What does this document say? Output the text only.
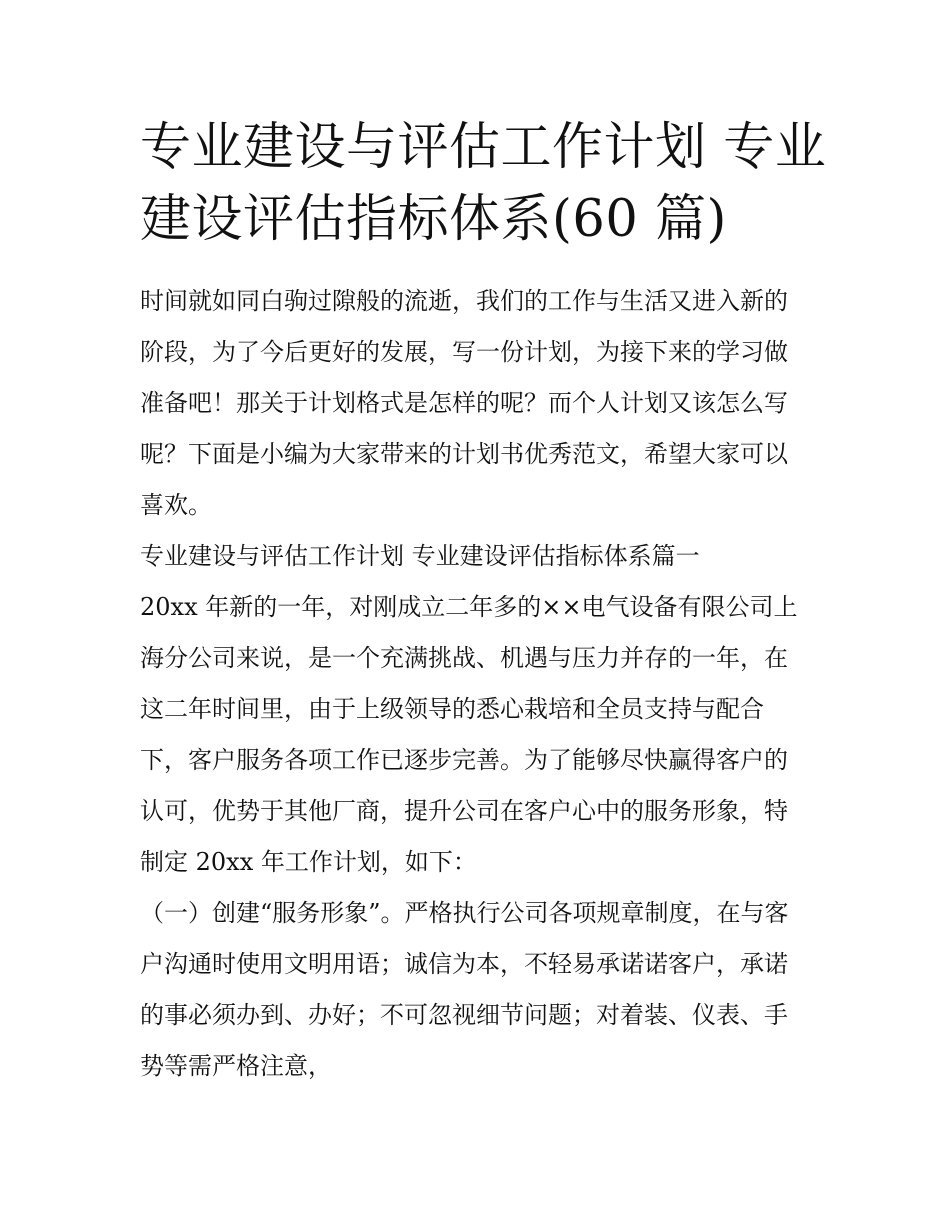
专业建设与评估工作计划 专业
建设评估指标体系(60 篇)
时间就如同白驹过隙般的流逝，我们的工作与生活又进入新的
阶段，为了今后更好的发展，写一份计划，为接下来的学习做
准备吧！那关于计划格式是怎样的呢？而个人计划又该怎么写
呢？下面是小编为大家带来的计划书优秀范文，希望大家可以
喜欢。
专业建设与评估工作计划 专业建设评估指标体系篇一
20xx 年新的一年，对刚成立二年多的××电气设备有限公司上
海分公司来说，是一个充满挑战、机遇与压力并存的一年，在
这二年时间里，由于上级领导的悉心栽培和全员支持与配合
下，客户服务各项工作已逐步完善。为了能够尽快赢得客户的
认可，优势于其他厂商，提升公司在客户心中的服务形象，特
制定 20xx 年工作计划，如下：
（一）创建“服务形象”。严格执行公司各项规章制度，在与客
户沟通时使用文明用语；诚信为本，不轻易承诺诺客户，承诺
的事必须办到、办好；不可忽视细节问题；对着装、仪表、手
势等需严格注意，
